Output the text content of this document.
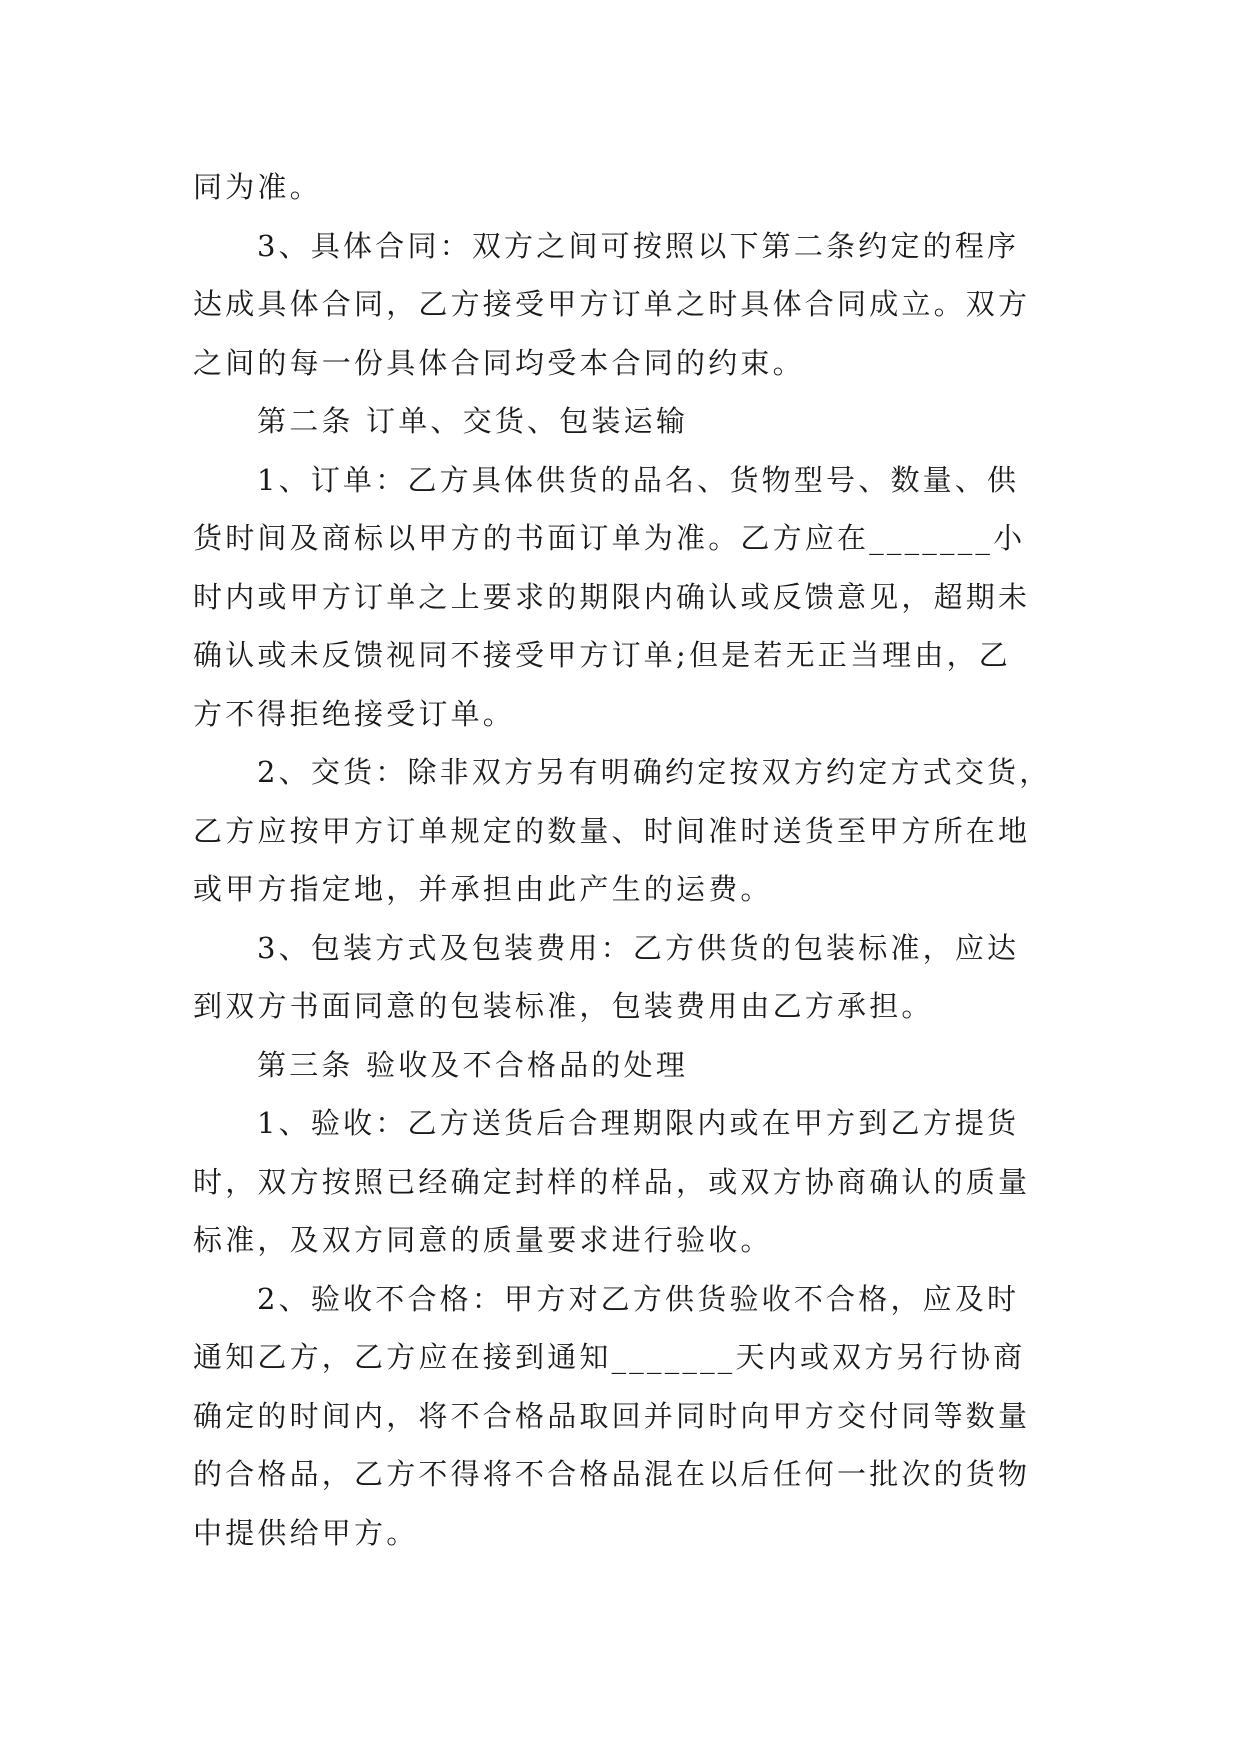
同为准。
3、具体合同：双方之间可按照以下第二条约定的程序
达成具体合同，乙方接受甲方订单之时具体合同成立。双方
之间的每一份具体合同均受本合同的约束。
第二条 订单、交货、包装运输
1、订单：乙方具体供货的品名、货物型号、数量、供
货时间及商标以甲方的书面订单为准。乙方应在_______小
时内或甲方订单之上要求的期限内确认或反馈意见，超期未
确认或未反馈视同不接受甲方订单;但是若无正当理由，乙
方不得拒绝接受订单。
2、交货：除非双方另有明确约定按双方约定方式交货，
乙方应按甲方订单规定的数量、时间准时送货至甲方所在地
或甲方指定地，并承担由此产生的运费。
3、包装方式及包装费用：乙方供货的包装标准，应达
到双方书面同意的包装标准，包装费用由乙方承担。
第三条 验收及不合格品的处理
1、验收：乙方送货后合理期限内或在甲方到乙方提货
时，双方按照已经确定封样的样品，或双方协商确认的质量
标准，及双方同意的质量要求进行验收。
2、验收不合格：甲方对乙方供货验收不合格，应及时
通知乙方，乙方应在接到通知_______天内或双方另行协商
确定的时间内，将不合格品取回并同时向甲方交付同等数量
的合格品，乙方不得将不合格品混在以后任何一批次的货物
中提供给甲方。
